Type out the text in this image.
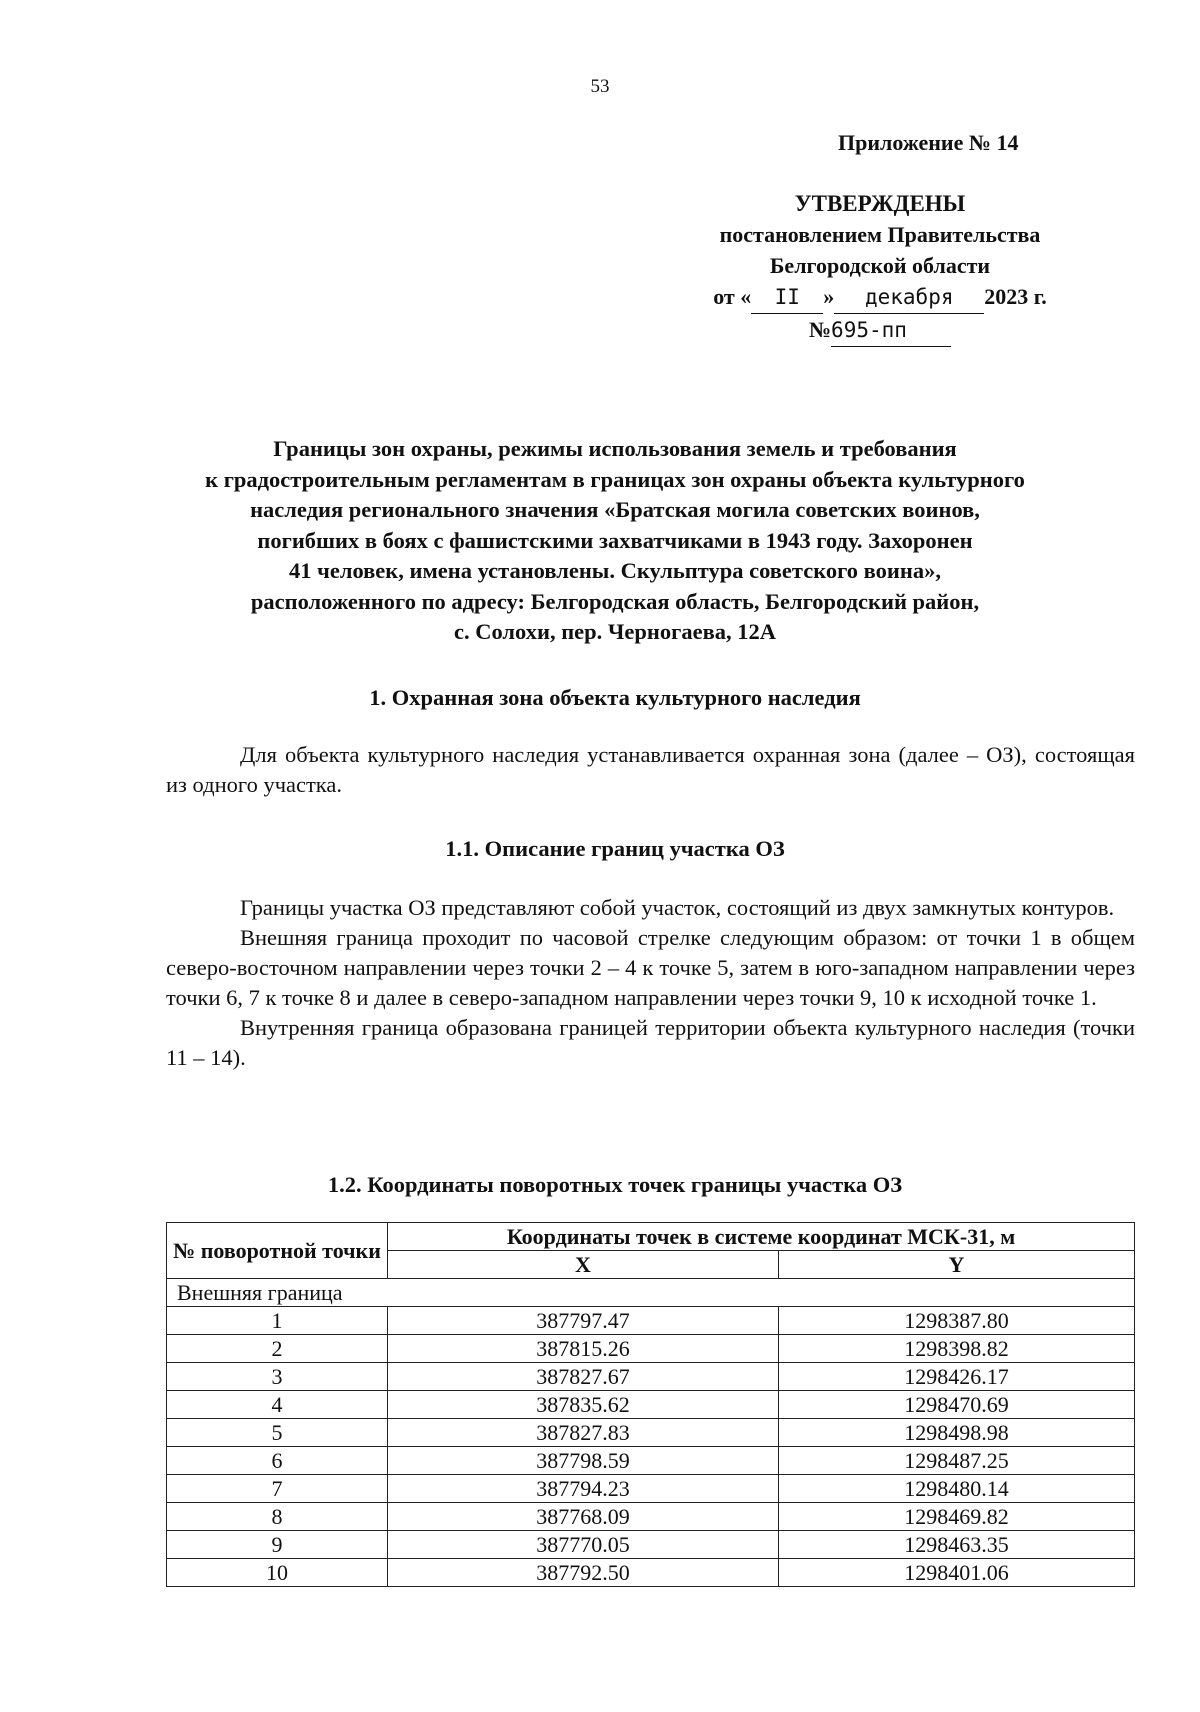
53
Приложение № 14
УТВЕРЖДЕНЫ
постановлением Правительства
Белгородской области
от «	II	»	декабря	2023 г.
№ 695-пп
Границы зон охраны, режимы использования земель и требования
к градостроительным регламентам в границах зон охраны объекта культурного
наследия регионального значения «Братская могила советских воинов,
погибших в боях с фашистскими захватчиками в 1943 году. Захоронен
41 человек, имена установлены. Скульптура советского воина»,
расположенного по адресу: Белгородская область, Белгородский район,
с. Солохи, пер. Черногаева, 12А
1. Охранная зона объекта культурного наследия

Для объекта культурного наследия устанавливается охранная зона (далее – ОЗ), состоящая из одного участка.

1.1. Описание границ участка ОЗ

Границы участка ОЗ представляют собой участок, состоящий из двух замкнутых контуров.

Внешняя граница проходит по часовой стрелке следующим образом: от точки 1 в общем северо-восточном направлении через точки 2 – 4 к точке 5, затем в юго-западном направлении через точки 6, 7 к точке 8 и далее в северо-западном направлении через точки 9, 10 к исходной точке 1.

Внутренняя граница образована границей территории объекта культурного наследия (точки 11 – 14).

1.2. Координаты поворотных точек границы участка ОЗ
№ поворотной точки	Координаты точек в системе координат МСК-31, м	
	X	Y
Внешняя граница		
1	387797.47	1298387.80
2	387815.26	1298398.82
3	387827.67	1298426.17
4	387835.62	1298470.69
5	387827.83	1298498.98
6	387798.59	1298487.25
7	387794.23	1298480.14
8	387768.09	1298469.82
9	387770.05	1298463.35
10	387792.50	1298401.06
